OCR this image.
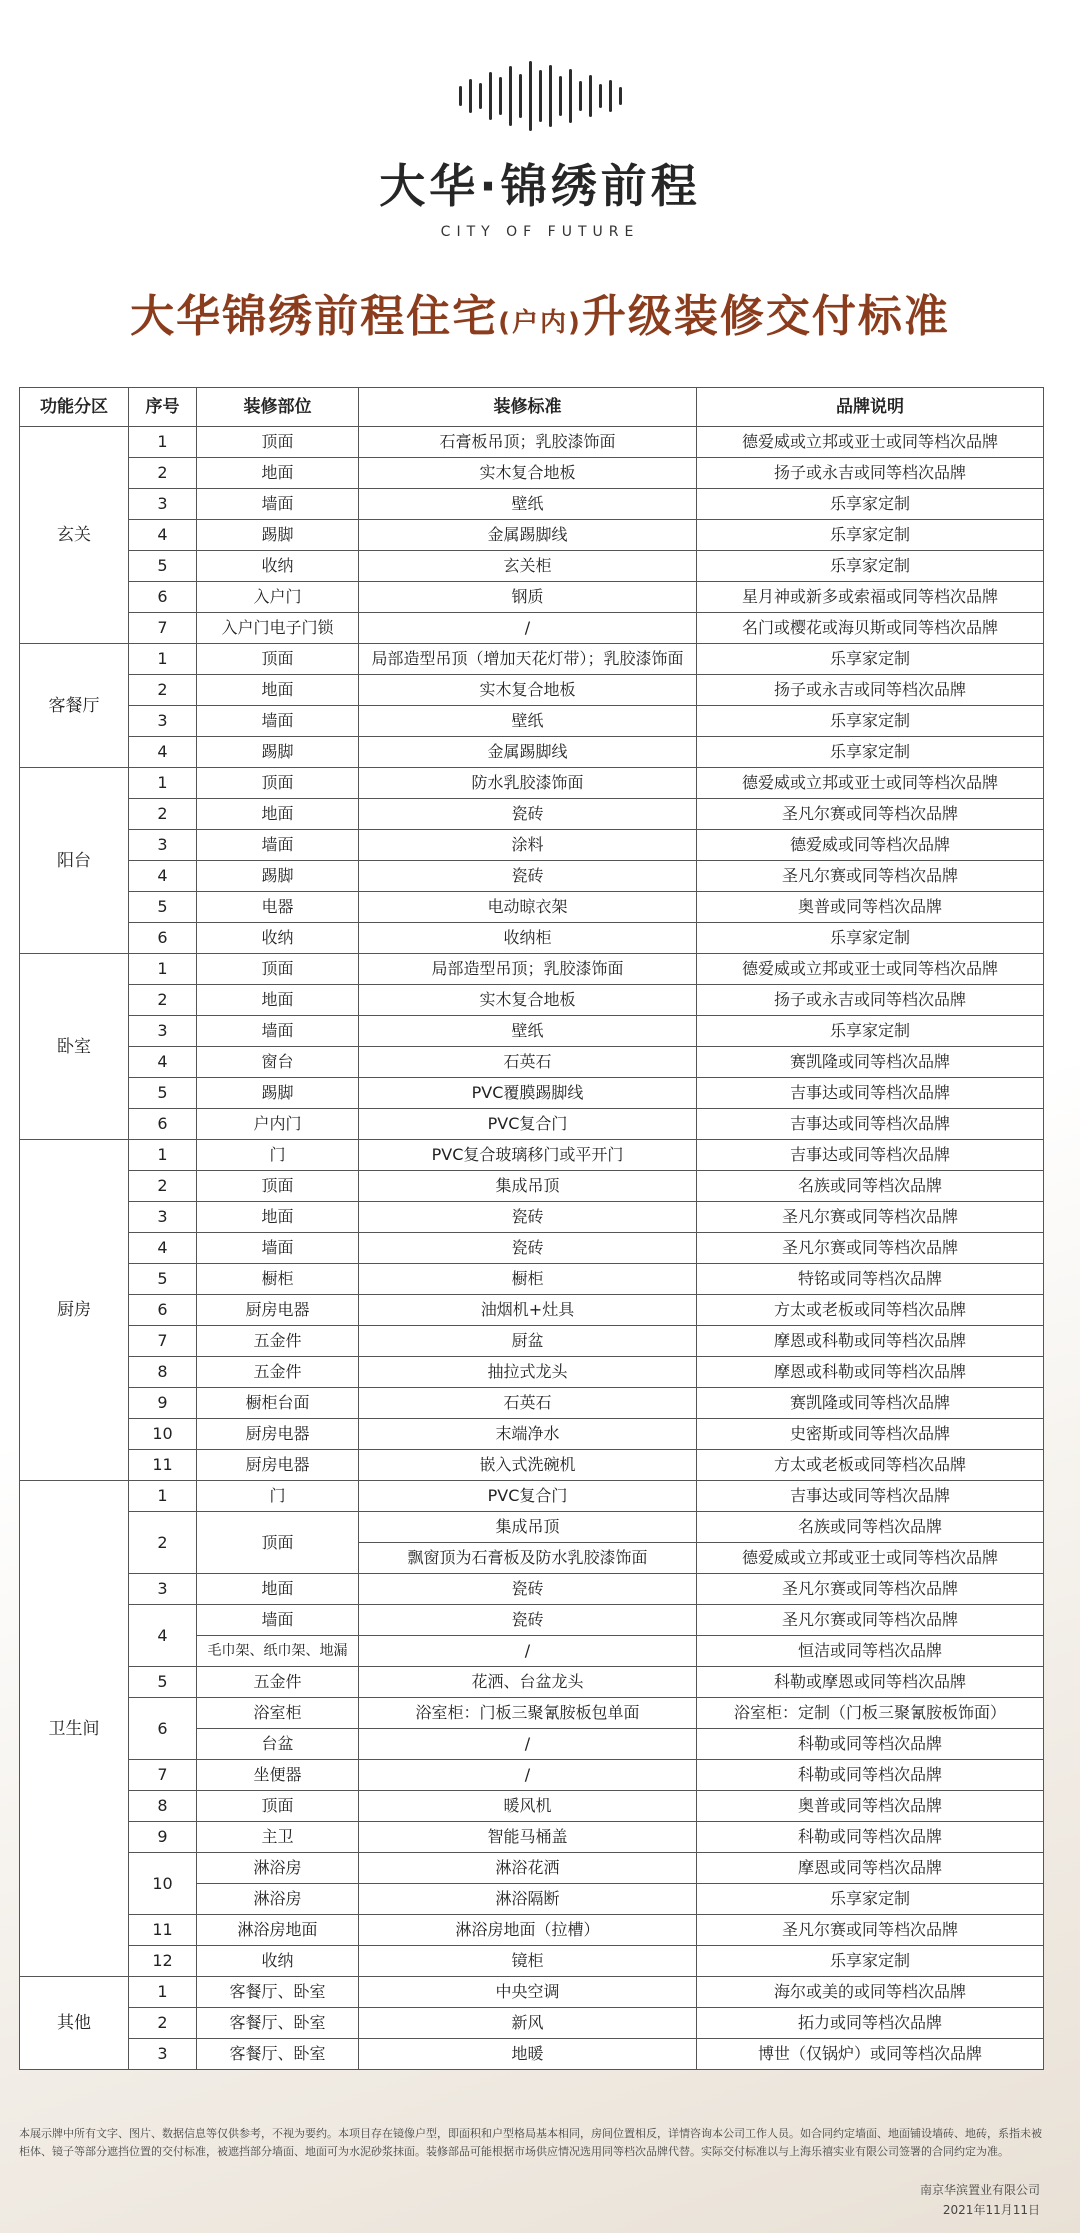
大华·锦绣前程
CITY OF FUTURE
大华锦绣前程住宅(户内)升级装修交付标准
功能分区	序号	装修部位	装修标准	品牌说明
玄关	1	顶面	石膏板吊顶；乳胶漆饰面	德爱威或立邦或亚士或同等档次品牌
	2	地面	实木复合地板	扬子或永吉或同等档次品牌
	3	墙面	壁纸	乐享家定制
	4	踢脚	金属踢脚线	乐享家定制
	5	收纳	玄关柜	乐享家定制
	6	入户门	钢质	星月神或新多或索福或同等档次品牌
	7	入户门电子门锁	/	名门或樱花或海贝斯或同等档次品牌
客餐厅	1	顶面	局部造型吊顶（增加天花灯带）；乳胶漆饰面	乐享家定制
	2	地面	实木复合地板	扬子或永吉或同等档次品牌
	3	墙面	壁纸	乐享家定制
	4	踢脚	金属踢脚线	乐享家定制
阳台	1	顶面	防水乳胶漆饰面	德爱威或立邦或亚士或同等档次品牌
	2	地面	瓷砖	圣凡尔赛或同等档次品牌
	3	墙面	涂料	德爱威或同等档次品牌
	4	踢脚	瓷砖	圣凡尔赛或同等档次品牌
	5	电器	电动晾衣架	奥普或同等档次品牌
	6	收纳	收纳柜	乐享家定制
卧室	1	顶面	局部造型吊顶；乳胶漆饰面	德爱威或立邦或亚士或同等档次品牌
	2	地面	实木复合地板	扬子或永吉或同等档次品牌
	3	墙面	壁纸	乐享家定制
	4	窗台	石英石	赛凯隆或同等档次品牌
	5	踢脚	PVC覆膜踢脚线	吉事达或同等档次品牌
	6	户内门	PVC复合门	吉事达或同等档次品牌
厨房	1	门	PVC复合玻璃移门或平开门	吉事达或同等档次品牌
	2	顶面	集成吊顶	名族或同等档次品牌
	3	地面	瓷砖	圣凡尔赛或同等档次品牌
	4	墙面	瓷砖	圣凡尔赛或同等档次品牌
	5	橱柜	橱柜	特铭或同等档次品牌
	6	厨房电器	油烟机+灶具	方太或老板或同等档次品牌
	7	五金件	厨盆	摩恩或科勒或同等档次品牌
	8	五金件	抽拉式龙头	摩恩或科勒或同等档次品牌
	9	橱柜台面	石英石	赛凯隆或同等档次品牌
	10	厨房电器	末端净水	史密斯或同等档次品牌
	11	厨房电器	嵌入式洗碗机	方太或老板或同等档次品牌
卫生间	1	门	PVC复合门	吉事达或同等档次品牌
	2	顶面	集成吊顶	名族或同等档次品牌
			飘窗顶为石膏板及防水乳胶漆饰面	德爱威或立邦或亚士或同等档次品牌
	3	地面	瓷砖	圣凡尔赛或同等档次品牌
	4	墙面	瓷砖	圣凡尔赛或同等档次品牌
		毛巾架、纸巾架、地漏	/	恒洁或同等档次品牌
	5	五金件	花洒、台盆龙头	科勒或摩恩或同等档次品牌
	6	浴室柜	浴室柜：门板三聚氰胺板包单面	浴室柜：定制（门板三聚氰胺板饰面）
		台盆	/	科勒或同等档次品牌
	7	坐便器	/	科勒或同等档次品牌
	8	顶面	暖风机	奥普或同等档次品牌
	9	主卫	智能马桶盖	科勒或同等档次品牌
	10	淋浴房	淋浴花洒	摩恩或同等档次品牌
		淋浴房	淋浴隔断	乐享家定制
	11	淋浴房地面	淋浴房地面（拉槽）	圣凡尔赛或同等档次品牌
	12	收纳	镜柜	乐享家定制
其他	1	客餐厅、卧室	中央空调	海尔或美的或同等档次品牌
	2	客餐厅、卧室	新风	拓力或同等档次品牌
	3	客餐厅、卧室	地暖	博世（仅锅炉）或同等档次品牌
本展示牌中所有文字、图片、数据信息等仅供参考，不视为要约。本项目存在镜像户型，即面积和户型格局基本相同，房间位置相反，详情咨询本公司工作人员。如合同约定墙面、地面铺设墙砖、地砖，系指未被柜体、镜子等部分遮挡位置的交付标准，被遮挡部分墙面、地面可为水泥砂浆抹面。装修部品可能根据市场供应情况选用同等档次品牌代替。实际交付标准以与上海乐禧实业有限公司签署的合同约定为准。
南京华滨置业有限公司
2021年11月11日
